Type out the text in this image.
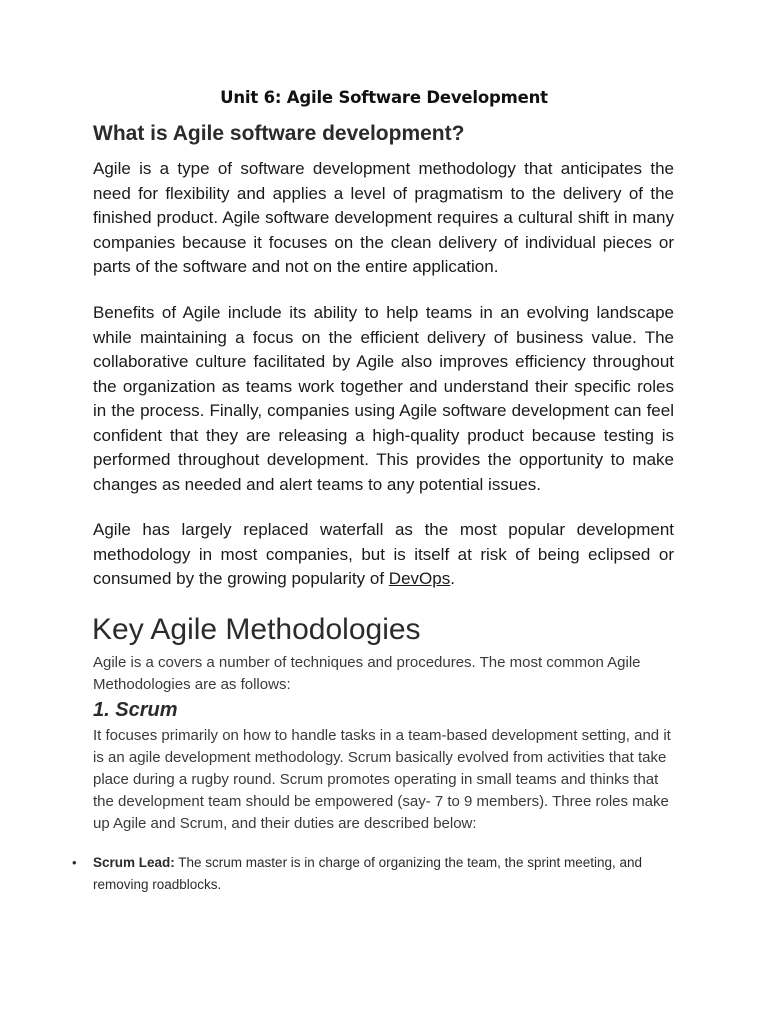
Unit 6: Agile Software Development
What is Agile software development?

Agile is a type of software development methodology that anticipates the need for flexibility and applies a level of pragmatism to the delivery of the finished product. Agile software development requires a cultural shift in many companies because it focuses on the clean delivery of individual pieces or parts of the software and not on the entire application.

Benefits of Agile include its ability to help teams in an evolving landscape while maintaining a focus on the efficient delivery of business value. The collaborative culture facilitated by Agile also improves efficiency throughout the organization as teams work together and understand their specific roles in the process. Finally, companies using Agile software development can feel confident that they are releasing a high-quality product because testing is performed throughout development. This provides the opportunity to make changes as needed and alert teams to any potential issues.

Agile has largely replaced waterfall as the most popular development methodology in most companies, but is itself at risk of being eclipsed or consumed by the growing popularity of DevOps.

Key Agile Methodologies

Agile is a covers a number of techniques and procedures. The most common Agile Methodologies are as follows:

1. Scrum

It focuses primarily on how to handle tasks in a team-based development setting, and it is an agile development methodology. Scrum basically evolved from activities that take place during a rugby round. Scrum promotes operating in small teams and thinks that the development team should be empowered (say- 7 to 9 members). Three roles make up Agile and Scrum, and their duties are described below:

• Scrum Lead: The scrum master is in charge of organizing the team, the sprint meeting, and removing roadblocks.
